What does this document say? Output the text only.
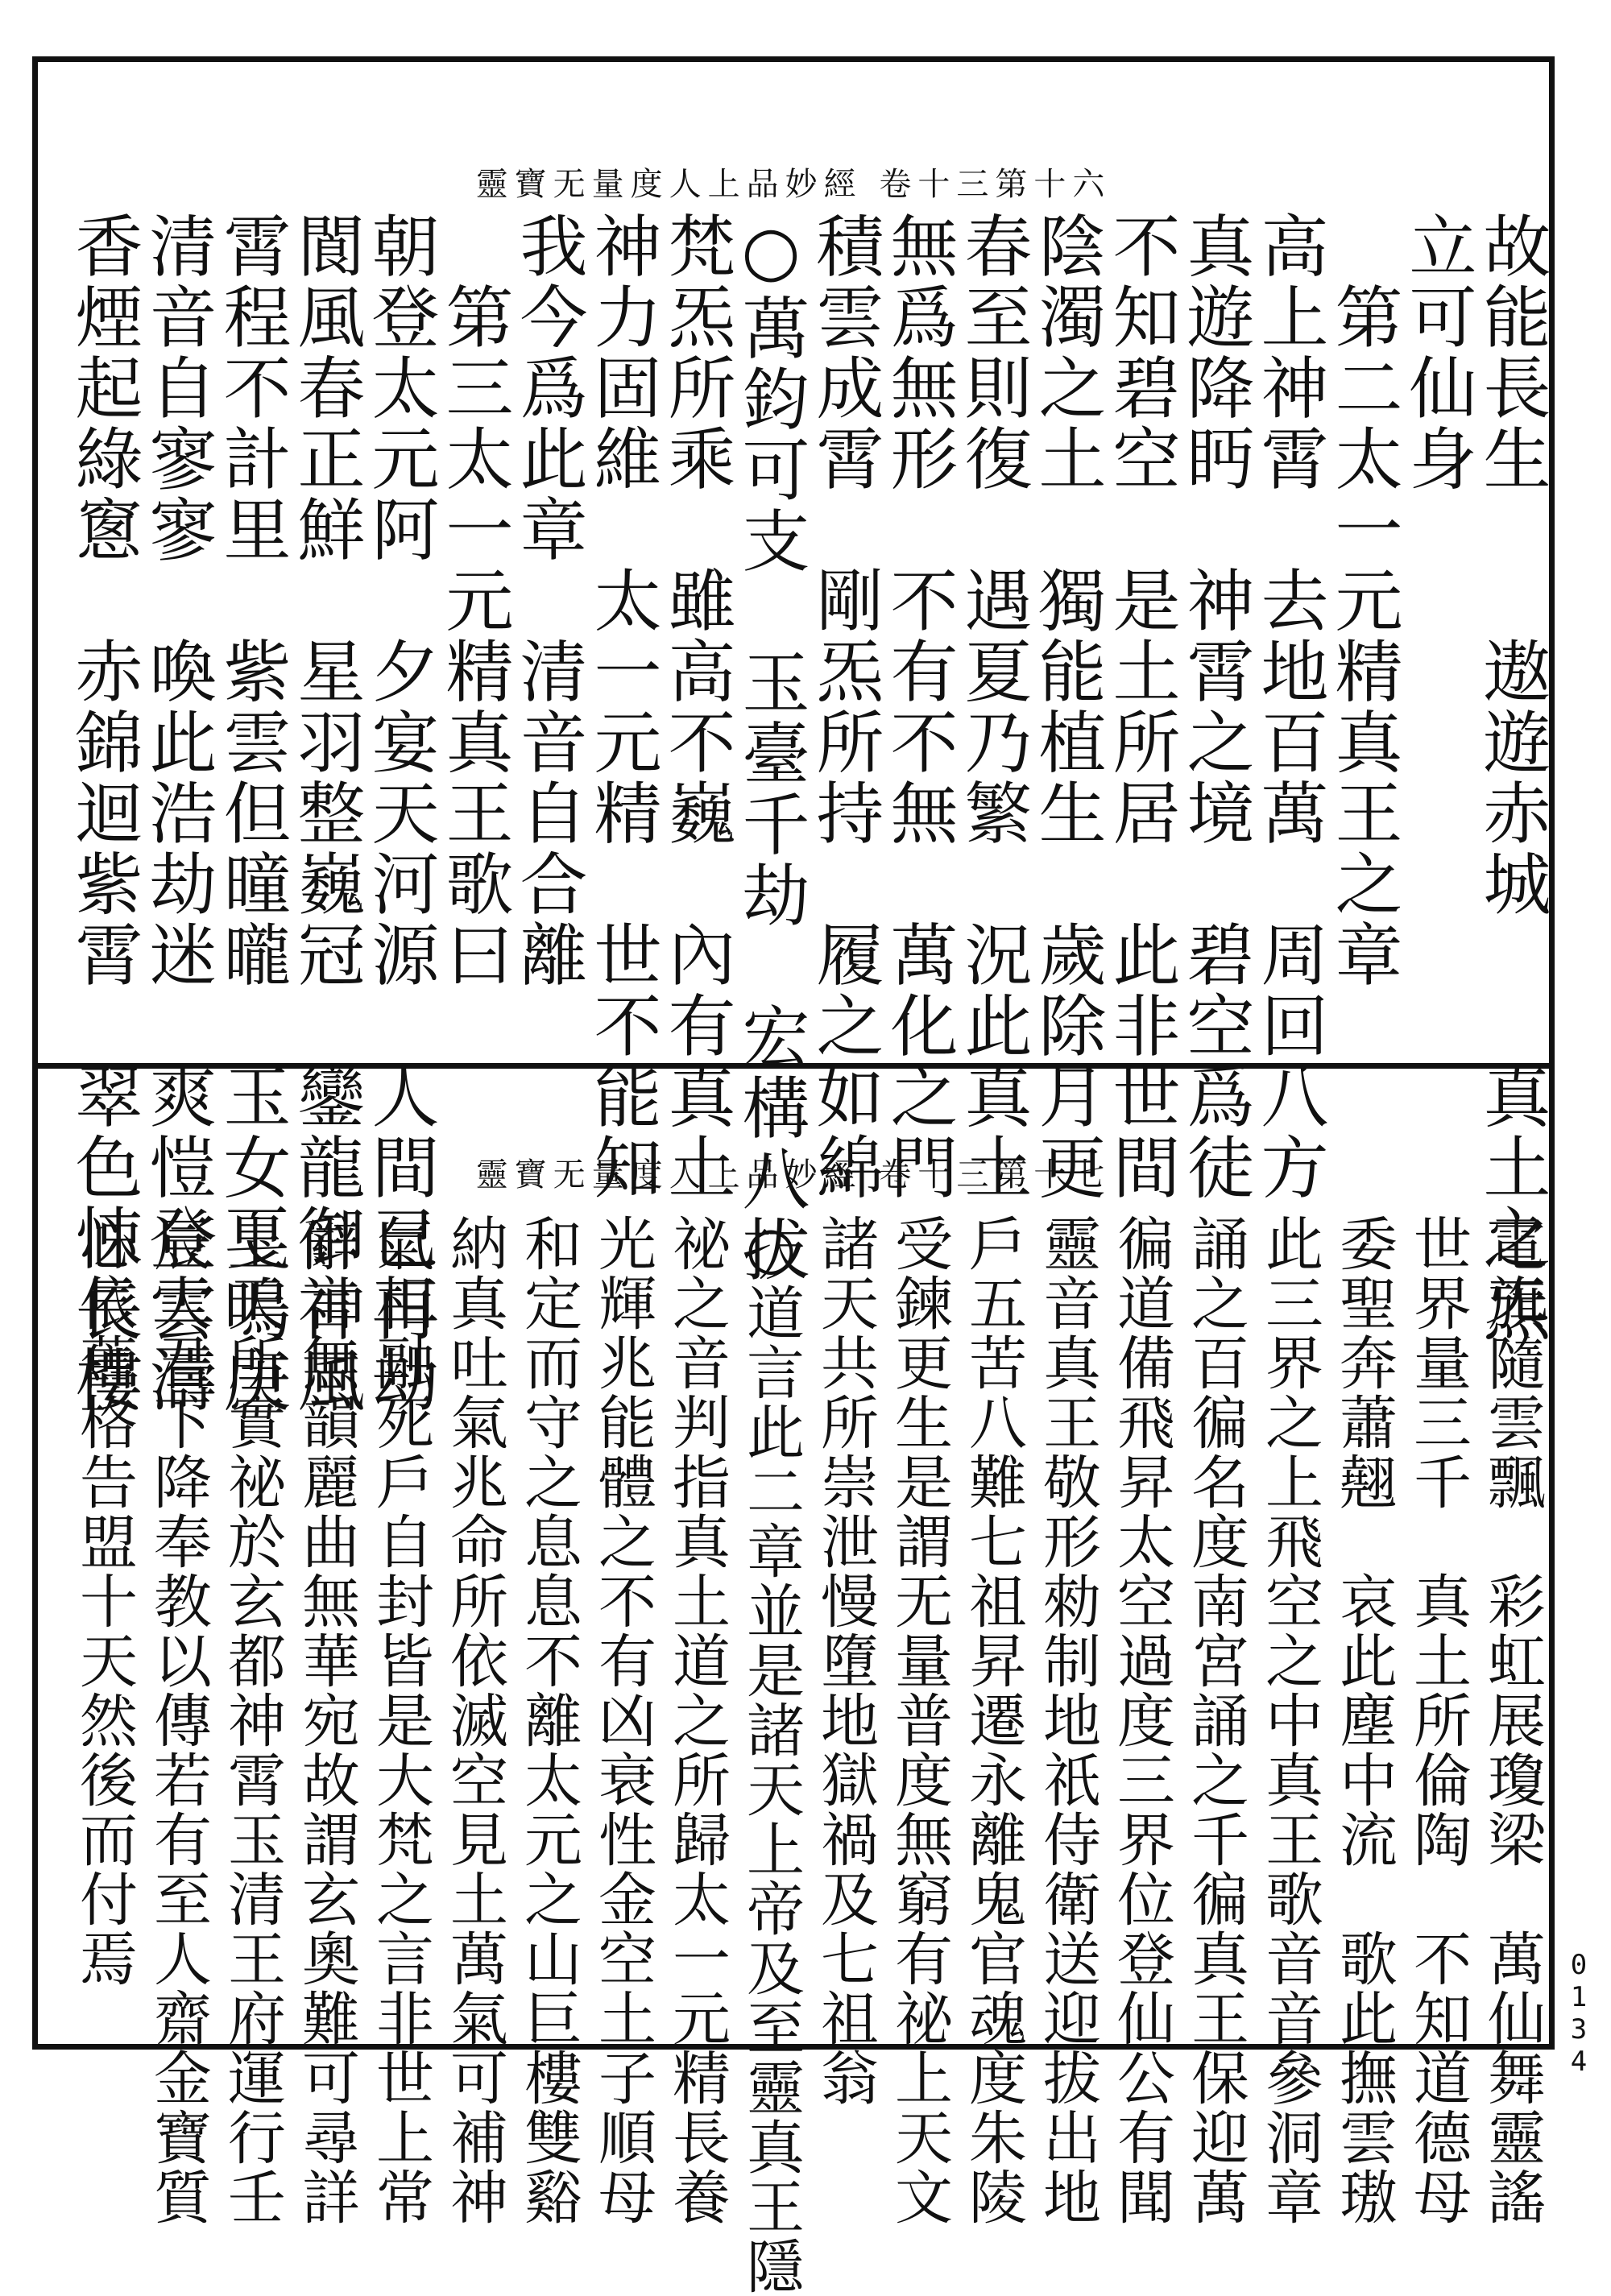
靈寶无量度人上品妙經 卷十三第十六
故能長生　　遨遊赤城　　真土之炁
立可仙身
　第二太一元精真王之章
高上神霄　去地百萬　周回八方
真遊降眄　神霄之境　碧空爲徒
不知碧空　是土所居　此非世間
陰濁之土　獨能植生　歲除月更
春至則復　遇夏乃繁　況此真土
無爲無形　不有不無　萬化之門
積雲成霄　剛炁所持　履之如綿
○萬鈞可支　玉臺千劫　宏構八拔
梵炁所乘　雖高不巍　內有真土
神力固維　太一元精　世不能知
我今爲此章　清音自合離
　第三太一元精真王歌曰
朝登太元阿　夕宴天河源　人間已再劫
閬風春正鮮　星羽整巍冠　鑾龍御神風
霄程不計里　紫雲但曈曨　玉女戛鳴庚
清音自寥寥　喚此浩劫迷　爽愷登雲濤
香煙起綠窻　赤錦迴紫霄　翠色悚長樓	靈寶无量度人上品妙經 卷十三第十七
電旗隨雲飄　彩虹展瓊梁　萬仙舞靈謠
世界量三千　真土所倫陶　不知道德母
委聖奔蕭翹　哀此塵中流　歌此撫雲璈
此三界之上飛空之中真王歌音音參洞章
誦之百徧名度南宮誦之千徧真王保迎萬
徧道備飛昇太空過度三界位登仙公有聞
靈音真王敬形勑制地祇侍衛送迎拔出地
戶五苦八難七祖昇遷永離鬼官魂度朱陵
受鍊更生是謂无量普度無窮有祕上天文
諸天共所崇泄慢墮地獄禍及七祖翁
○道言此二章並是諸天上帝及至靈真王隱
祕之音判指真土道之所歸太一元精長養
光輝兆能體之不有凶衰性金空土子順母
和定而守之息息不離太元之山巨樓雙谿
納真吐氣兆命所依滅空見土萬氣可補神
氣相融死戶自封皆是大梵之言非世上常
辭言無韻麗曲無華宛故謂玄奧難可尋詳
上天所實祕於玄都神霄玉清王府運行壬
辰大君下降奉教以傳若有至人齋金寶質
心依舊格告盟十天然後而付焉
0134
